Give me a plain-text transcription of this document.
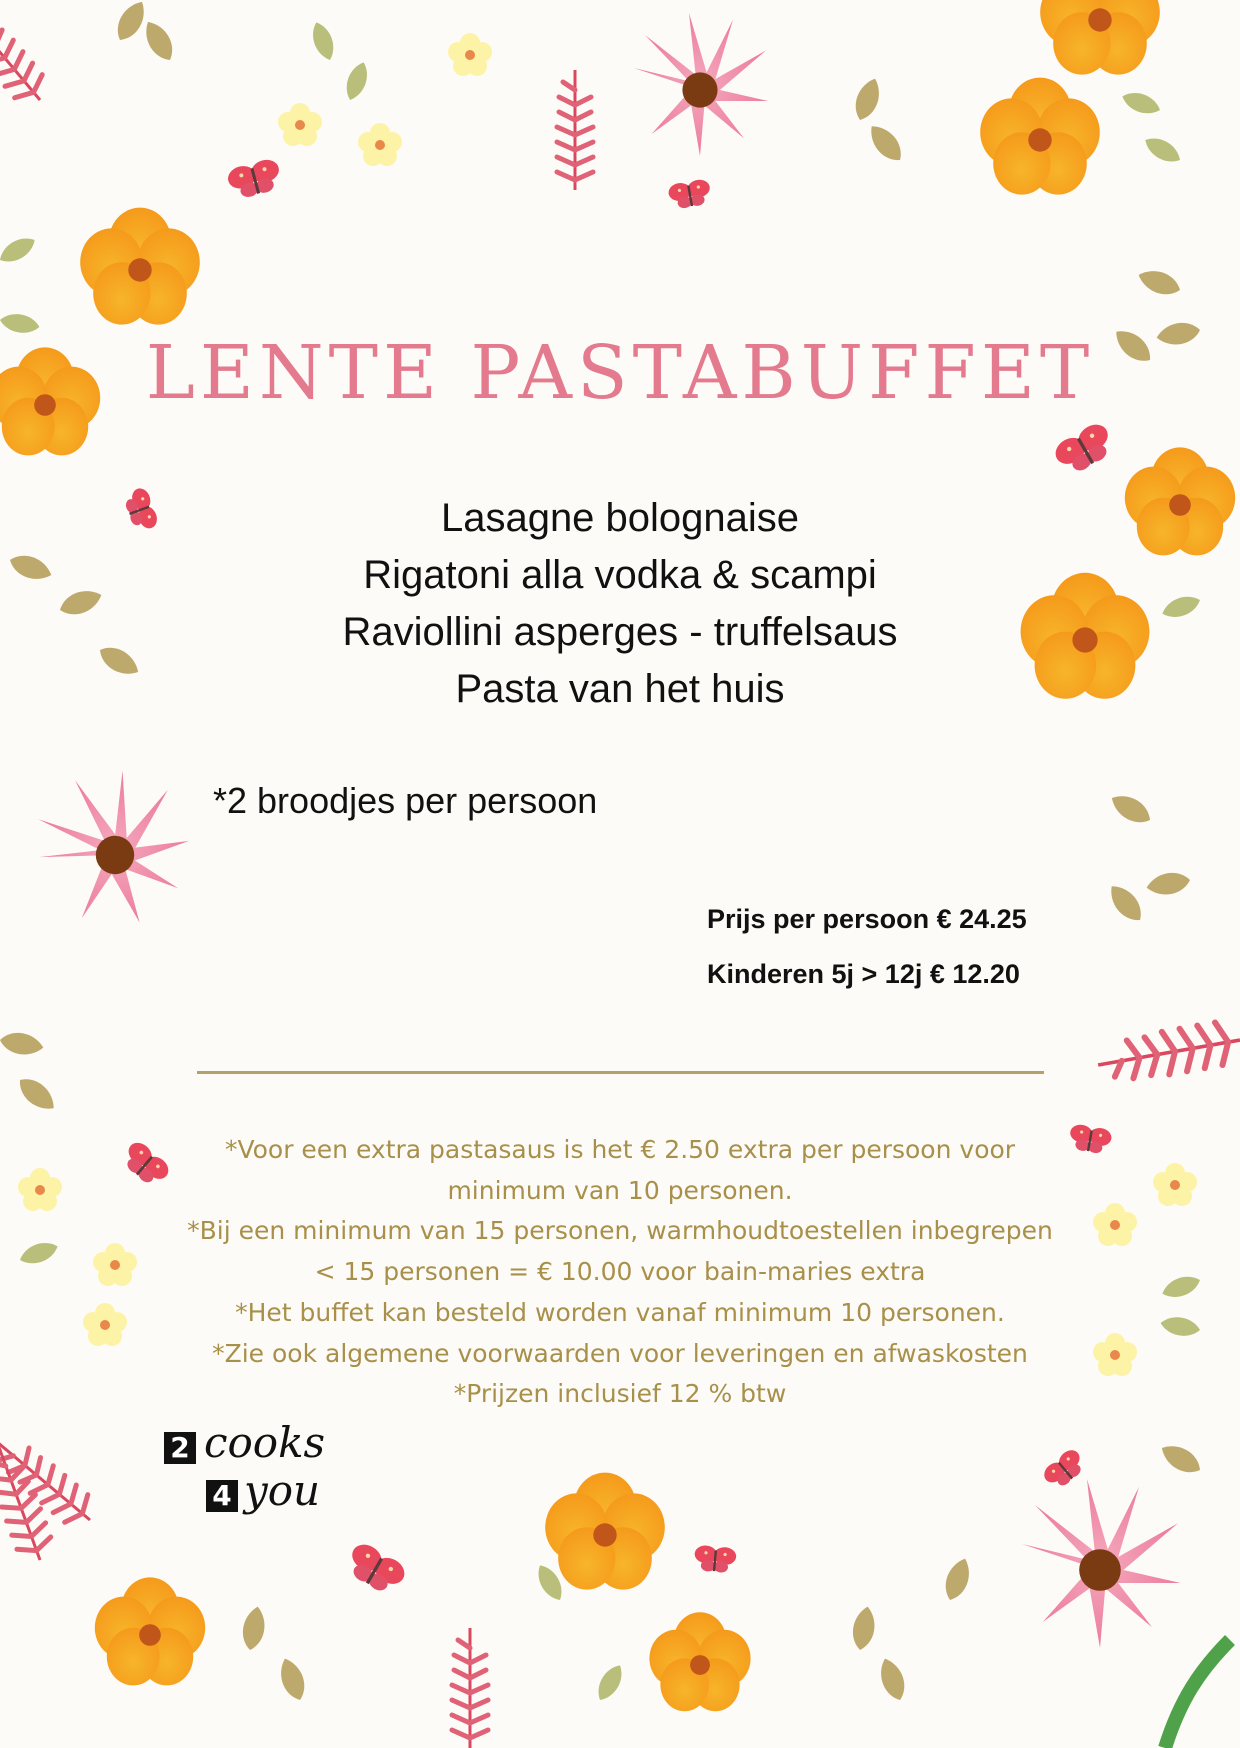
LENTE PASTABUFFET
Lasagne bolognaise
Rigatoni alla vodka & scampi
Raviollini asperges - truffelsaus
Pasta van het huis
*2 broodjes per persoon
Prijs per persoon € 24.25
Kinderen 5j > 12j € 12.20
*Voor een extra pastasaus is het € 2.50 extra per persoon voor
minimum van 10 personen.
*Bij een minimum van 15 personen, warmhoudtoestellen inbegrepen
< 15 personen = € 10.00 voor bain-maries extra
*Het buffet kan besteld worden vanaf minimum 10 personen.
*Zie ook algemene voorwaarden voor leveringen en afwaskosten
*Prijzen inclusief 12 % btw
2 cooks
4 you
